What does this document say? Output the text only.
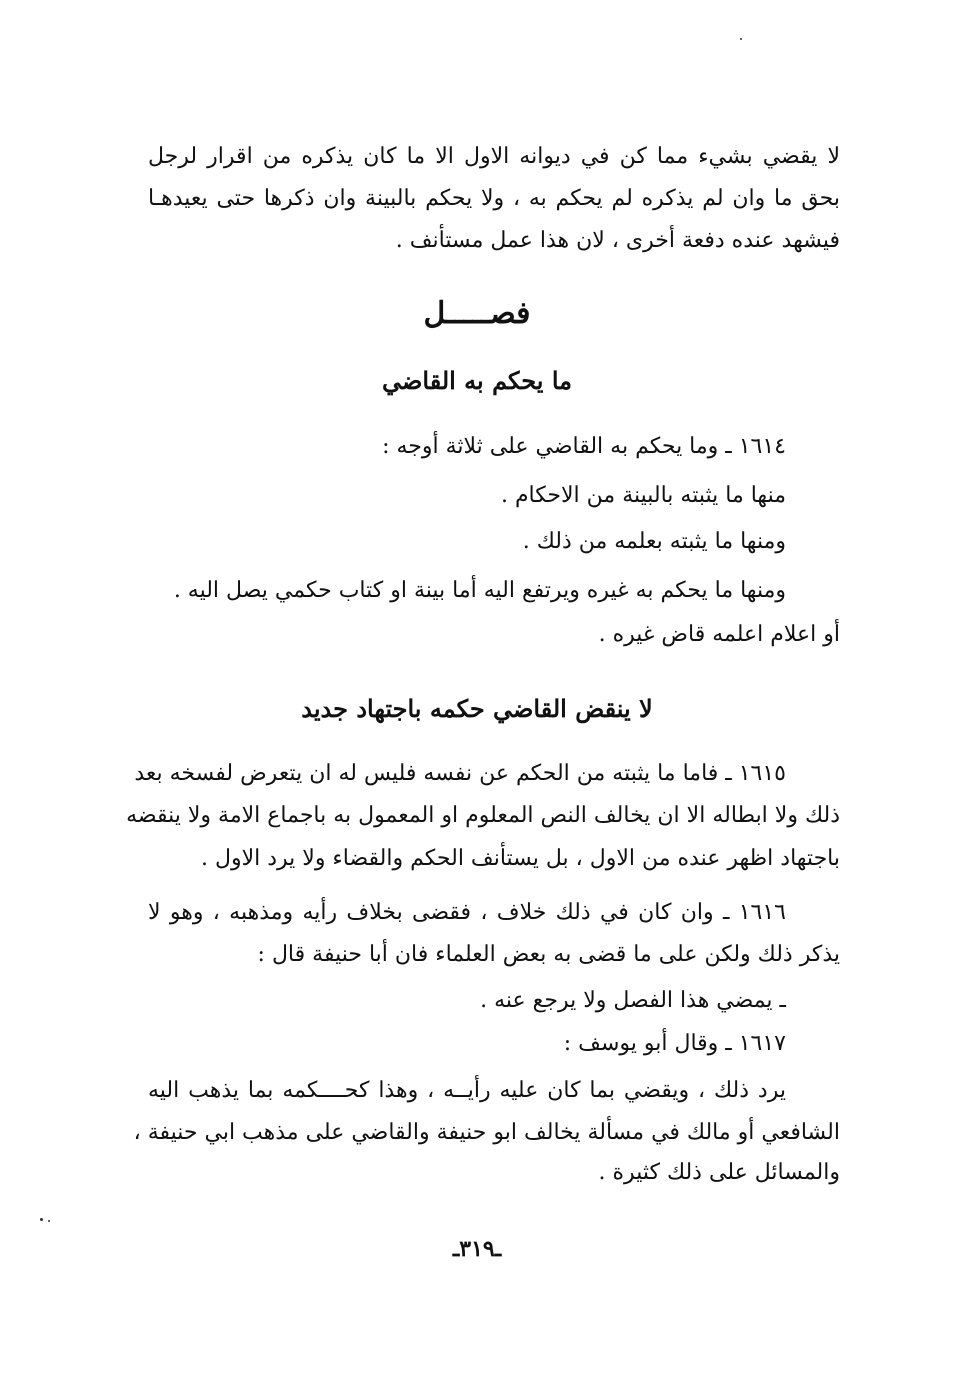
لا يقضي بشيء مما كن في ديوانه الاول الا ما كان يذكره من اقرار لرجل
بحق ما وان لم يذكره لم يحكم به ، ولا يحكم بالبينة وان ذكرها حتى يعيدهـا
فيشهد عنده دفعة أخرى ، لان هذا عمل مستأنف .
فصـــــل
ما يحكم به القاضي
١٦١٤ ـ وما يحكم به القاضي على ثلاثة أوجه :
منها ما يثبته بالبينة من الاحكام .
ومنها ما يثبته بعلمه من ذلك .
ومنها ما يحكم به غيره ويرتفع اليه أما بينة او كتاب حكمي يصل اليه .
أو اعلام اعلمه قاض غيره .
لا ينقض القاضي حكمه باجتهاد جديد
١٦١٥ ـ فاما ما يثبته من الحكم عن نفسه فليس له ان يتعرض لفسخه بعد
ذلك ولا ابطاله الا ان يخالف النص المعلوم او المعمول به باجماع الامة ولا ينقضه
باجتهاد اظهر عنده من الاول ، بل يستأنف الحكم والقضاء ولا يرد الاول .
١٦١٦ ـ وان كان في ذلك خلاف ، فقضى بخلاف رأيه ومذهبه ، وهو لا
يذكر ذلك ولكن على ما قضى به بعض العلماء فان أبا حنيفة قال :
ـ يمضي هذا الفصل ولا يرجع عنه .
١٦١٧ ـ وقال أبو يوسف :
يرد ذلك ، ويقضي بما كان عليه رأيــه ، وهذا كحــــكمه بما يذهب اليه
الشافعي أو مالك في مسألة يخالف ابو حنيفة والقاضي على مذهب ابي حنيفة ،
والمسائل على ذلك كثيرة .
ـ٣١٩ـ
